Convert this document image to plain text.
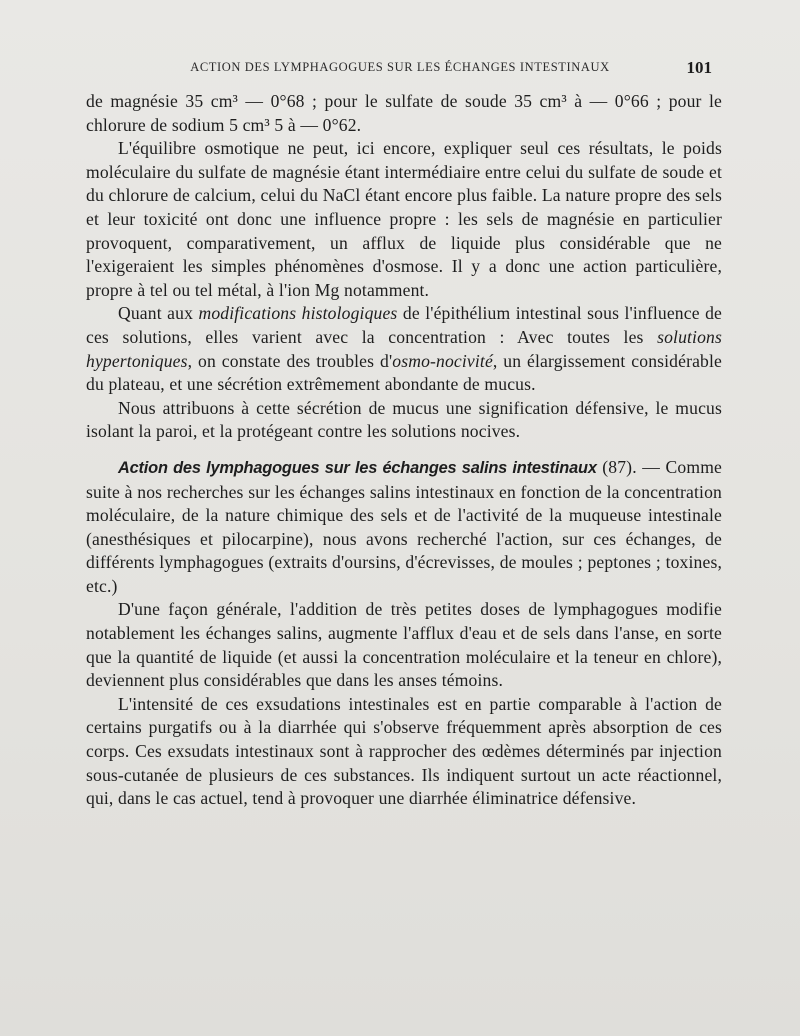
ACTION DES LYMPHAGOGUES SUR LES ÉCHANGES INTESTINAUX	101

de magnésie 35 cm³ — 0°68 ; pour le sulfate de soude 35 cm³ à — 0°66 ; pour le chlorure de sodium 5 cm³ 5 à — 0°62.

L'équilibre osmotique ne peut, ici encore, expliquer seul ces résultats, le poids moléculaire du sulfate de magnésie étant intermédiaire entre celui du sulfate de soude et du chlorure de calcium, celui du NaCl étant encore plus faible. La nature propre des sels et leur toxicité ont donc une influence propre : les sels de magnésie en particulier provoquent, comparativement, un afflux de liquide plus considérable que ne l'exigeraient les simples phénomènes d'osmose. Il y a donc une action particulière, propre à tel ou tel métal, à l'ion Mg notamment.

Quant aux modifications histologiques de l'épithélium intestinal sous l'influence de ces solutions, elles varient avec la concentration : Avec toutes les solutions hypertoniques, on constate des troubles d'osmo-nocivité, un élargissement considérable du plateau, et une sécrétion extrêmement abondante de mucus.

Nous attribuons à cette sécrétion de mucus une signification défensive, le mucus isolant la paroi, et la protégeant contre les solutions nocives.

Action des lymphagogues sur les échanges salins intestinaux (87). — Comme suite à nos recherches sur les échanges salins intestinaux en fonction de la concentration moléculaire, de la nature chimique des sels et de l'activité de la muqueuse intestinale (anesthésiques et pilocarpine), nous avons recherché l'action, sur ces échanges, de différents lymphagogues (extraits d'oursins, d'écrevisses, de moules ; peptones ; toxines, etc.)

D'une façon générale, l'addition de très petites doses de lymphagogues modifie notablement les échanges salins, augmente l'afflux d'eau et de sels dans l'anse, en sorte que la quantité de liquide (et aussi la concentration moléculaire et la teneur en chlore), deviennent plus considérables que dans les anses témoins.

L'intensité de ces exsudations intestinales est en partie comparable à l'action de certains purgatifs ou à la diarrhée qui s'observe fréquemment après absorption de ces corps. Ces exsudats intestinaux sont à rapprocher des œdèmes déterminés par injection sous-cutanée de plusieurs de ces substances. Ils indiquent surtout un acte réactionnel, qui, dans le cas actuel, tend à provoquer une diarrhée éliminatrice défensive.
